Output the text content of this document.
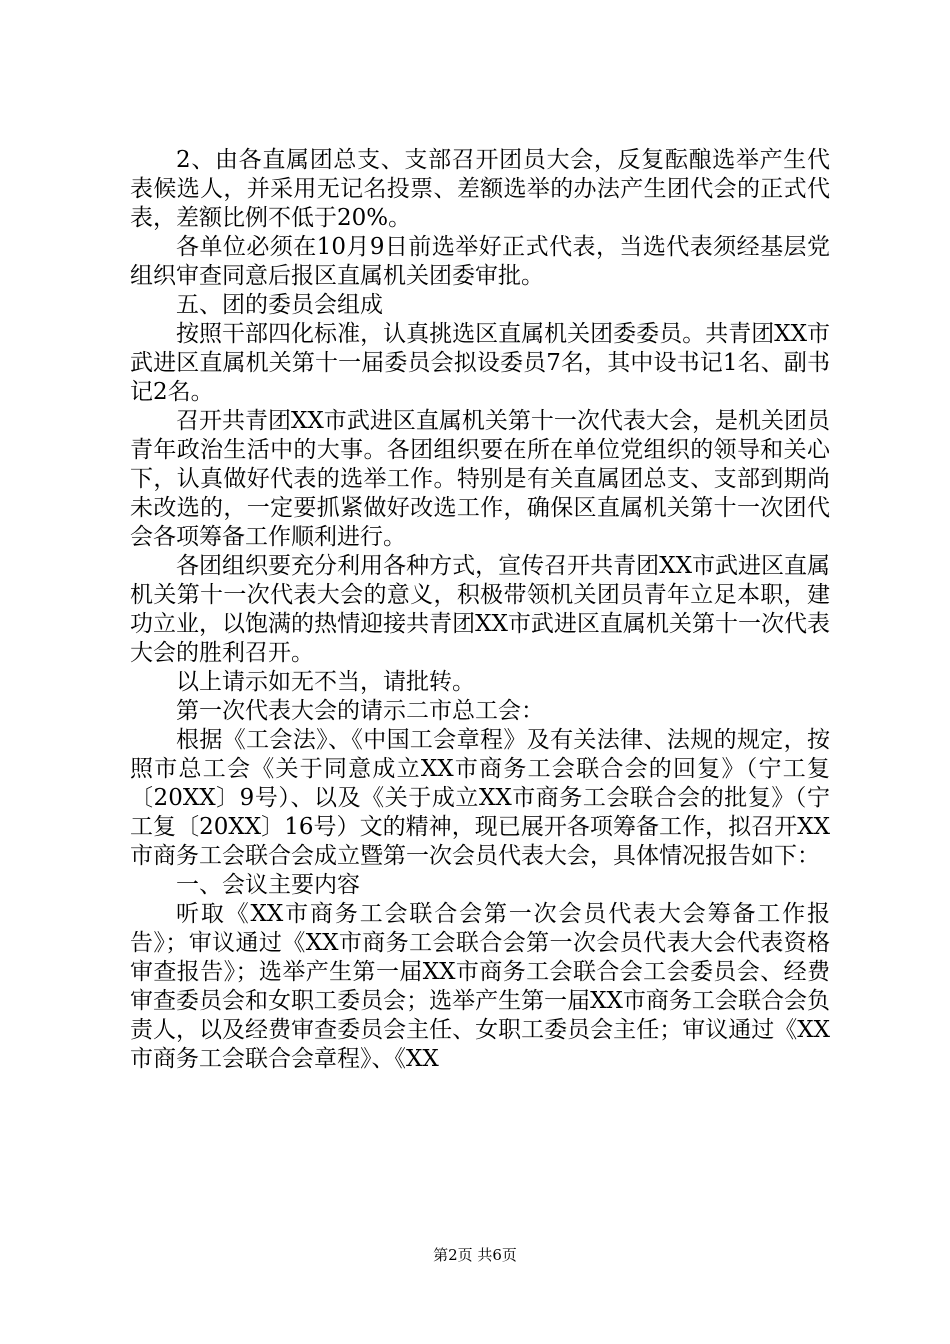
2、由各直属团总支、支部召开团员大会，反复酝酿选举产生代表候选人，并采用无记名投票、差额选举的办法产生团代会的正式代表，差额比例不低于20%。

各单位必须在10月9日前选举好正式代表，当选代表须经基层党组织审查同意后报区直属机关团委审批。

五、团的委员会组成

按照干部四化标准，认真挑选区直属机关团委委员。共青团XX市武进区直属机关第十一届委员会拟设委员7名，其中设书记1名、副书记2名。

召开共青团XX市武进区直属机关第十一次代表大会，是机关团员青年政治生活中的大事。各团组织要在所在单位党组织的领导和关心下，认真做好代表的选举工作。特别是有关直属团总支、支部到期尚未改选的，一定要抓紧做好改选工作，确保区直属机关第十一次团代会各项筹备工作顺利进行。

各团组织要充分利用各种方式，宣传召开共青团XX市武进区直属机关第十一次代表大会的意义，积极带领机关团员青年立足本职，建功立业，以饱满的热情迎接共青团XX市武进区直属机关第十一次代表大会的胜利召开。

以上请示如无不当，请批转。

第一次代表大会的请示二市总工会：

根据《工会法》、《中国工会章程》及有关法律、法规的规定，按照市总工会《关于同意成立XX市商务工会联合会的回复》（宁工复〔20XX〕9号）、以及《关于成立XX市商务工会联合会的批复》（宁工复〔20XX〕16号）文的精神，现已展开各项筹备工作，拟召开XX市商务工会联合会成立暨第一次会员代表大会，具体情况报告如下：

一、会议主要内容

听取《XX市商务工会联合会第一次会员代表大会筹备工作报告》；审议通过《XX市商务工会联合会第一次会员代表大会代表资格审查报告》；选举产生第一届XX市商务工会联合会工会委员会、经费审查委员会和女职工委员会；选举产生第一届XX市商务工会联合会负责人，以及经费审查委员会主任、女职工委员会主任；审议通过《XX市商务工会联合会章程》、《XX

第2页 共6页
